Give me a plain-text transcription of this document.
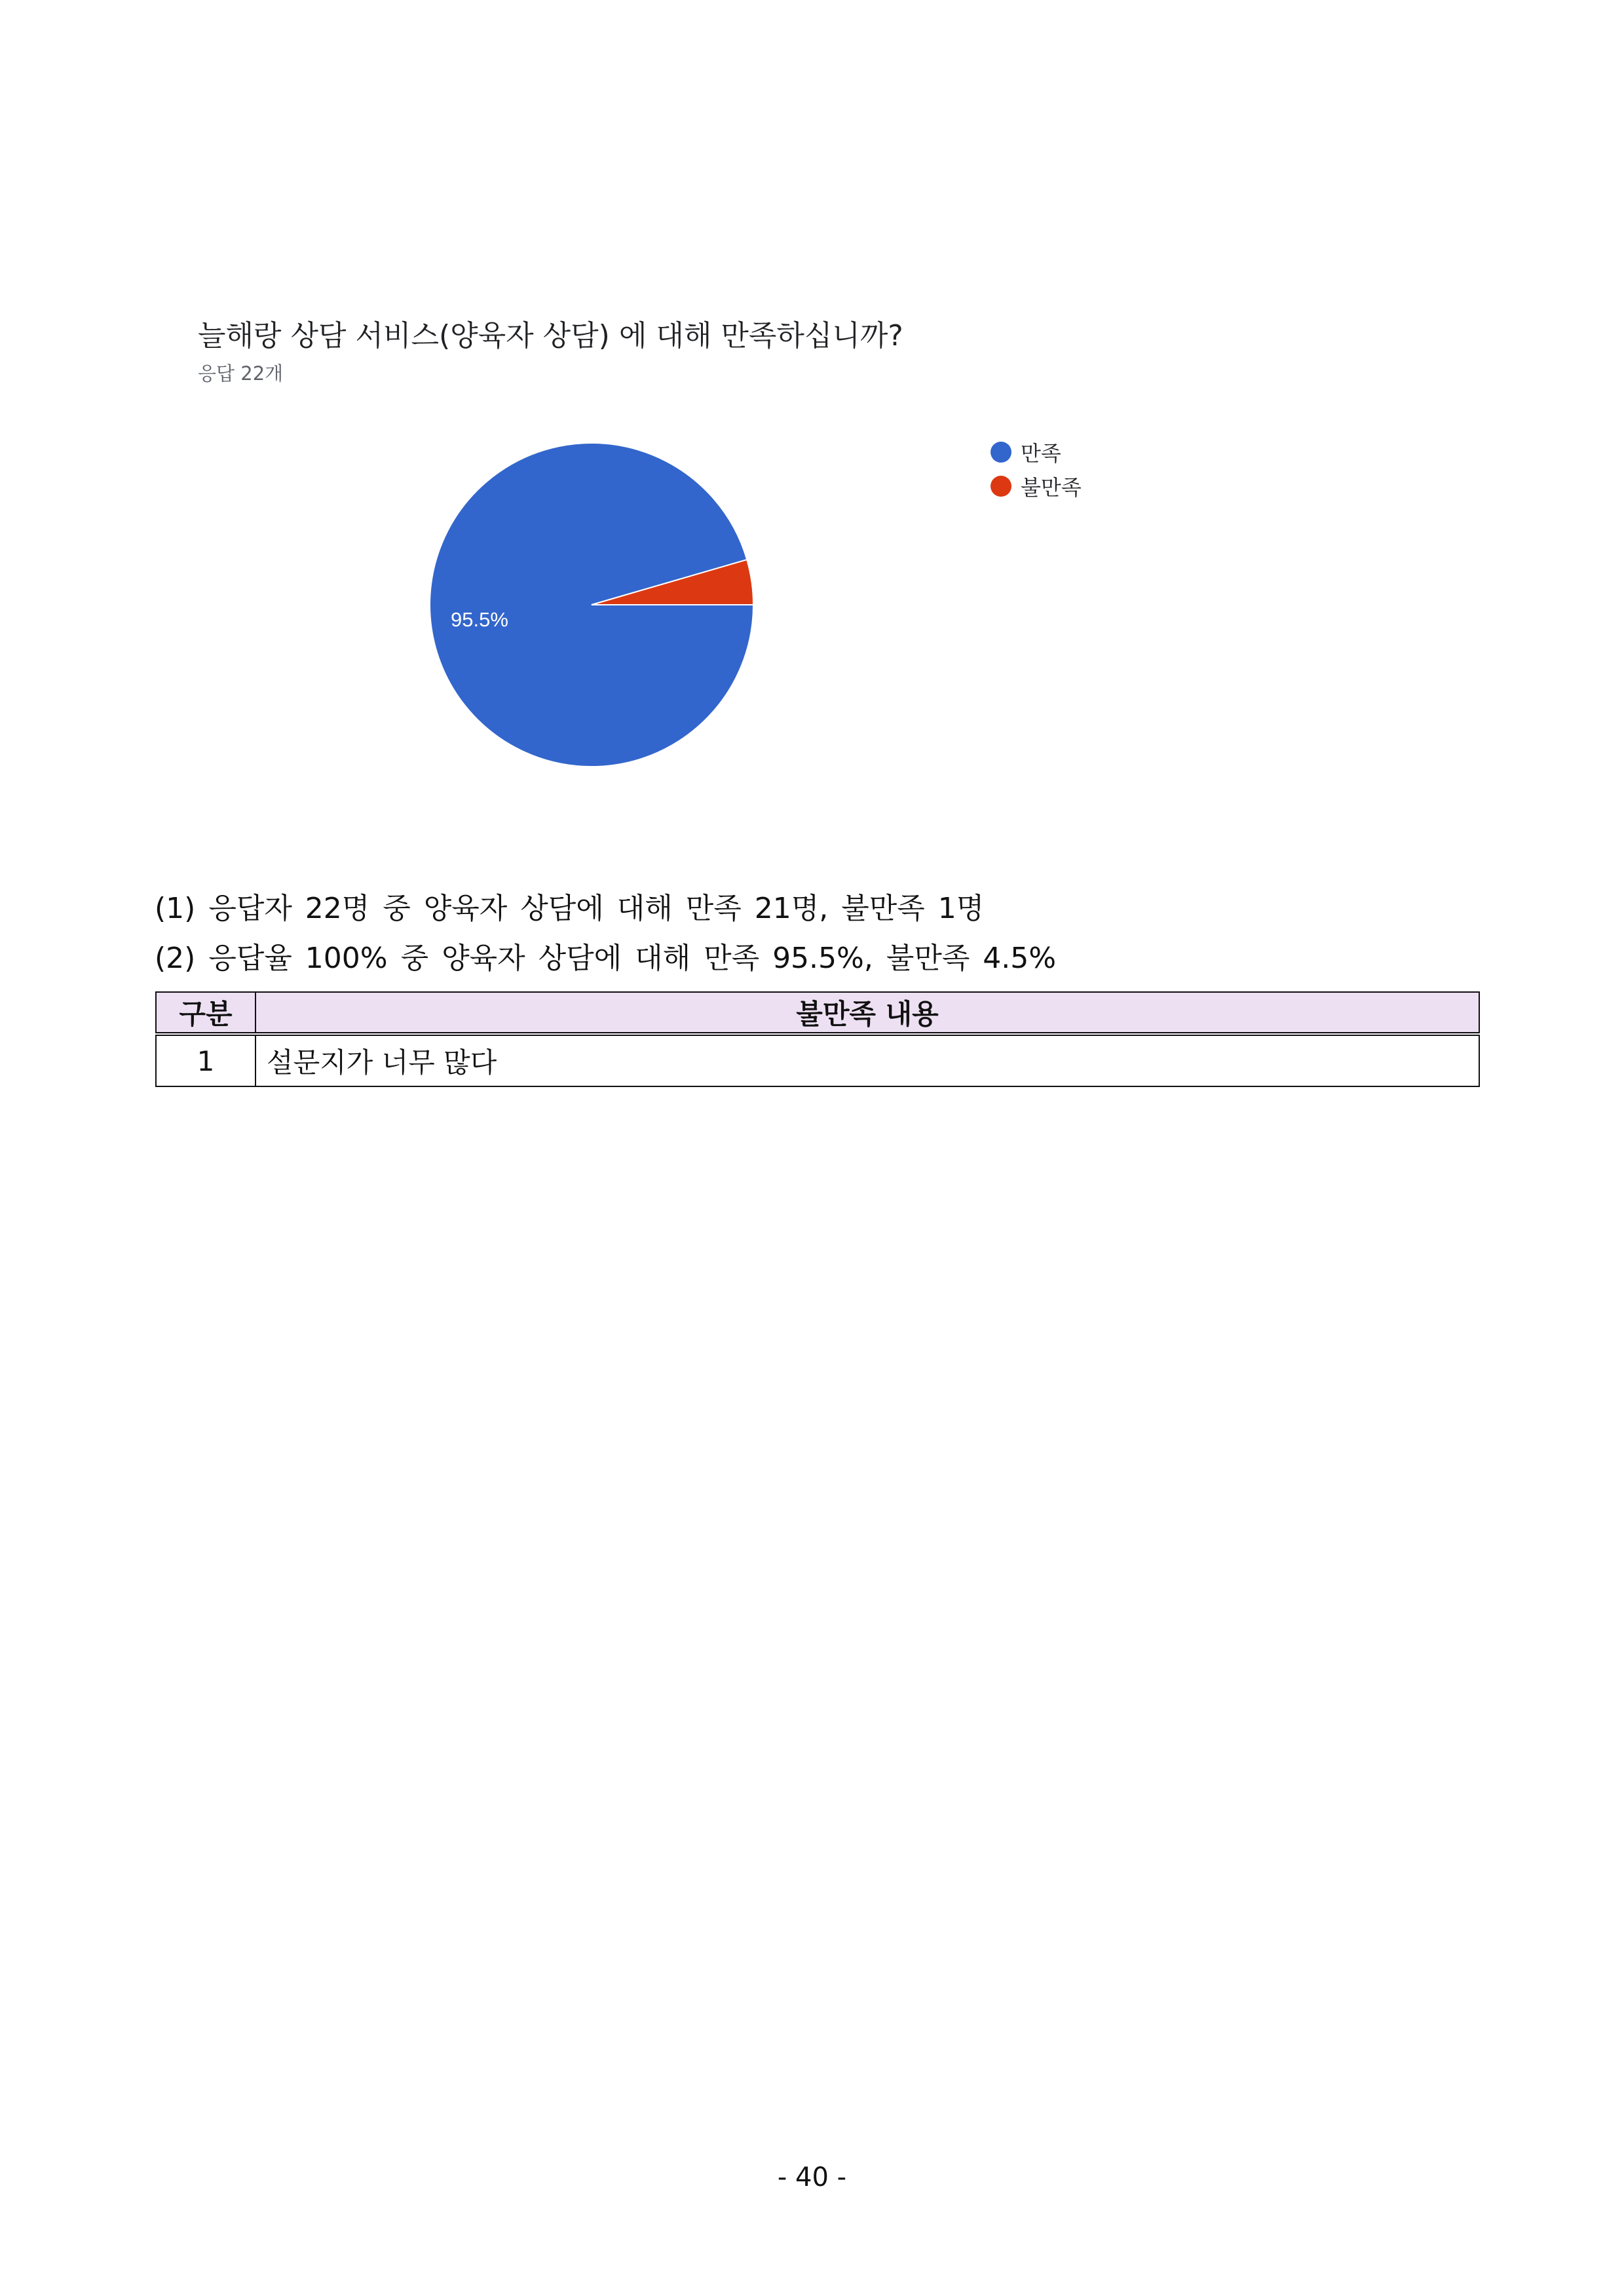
늘해랑 상담 서비스(양육자 상담) 에 대해 만족하십니까?
응답 22개
95.5%
만족
불만족
(1) 응답자 22명 중 양육자 상담에 대해 만족 21명, 불만족 1명
(2) 응답율 100% 중 양육자 상담에 대해 만족 95.5%, 불만족 4.5%
구분	불만족 내용
1	설문지가 너무 많다
- 40 -
